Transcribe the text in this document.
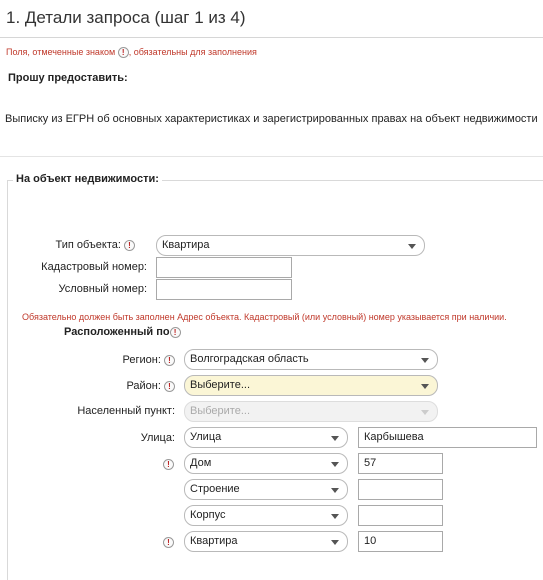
1. Детали запроса (шаг 1 из 4)
Поля, отмеченные знаком ! , обязательны для заполнения
Прошу предоставить:
Выписку из ЕГРН об основных характеристиках и зарегистрированных правах на объект недвижимости
На объект недвижимости:
Тип объекта: !	Квартира
Кадастровый номер:
Условный номер:
Обязательно должен быть заполнен Адрес объекта. Кадастровый (или условный) номер указывается при наличии.
Расположенный по !
Регион: !	Волгоградская область
Район: !	Выберите...
Населенный пункт:	Выберите...
Улица:	Улица	Карбышева
!	Дом	57
Строение
Корпус
!	Квартира	10
